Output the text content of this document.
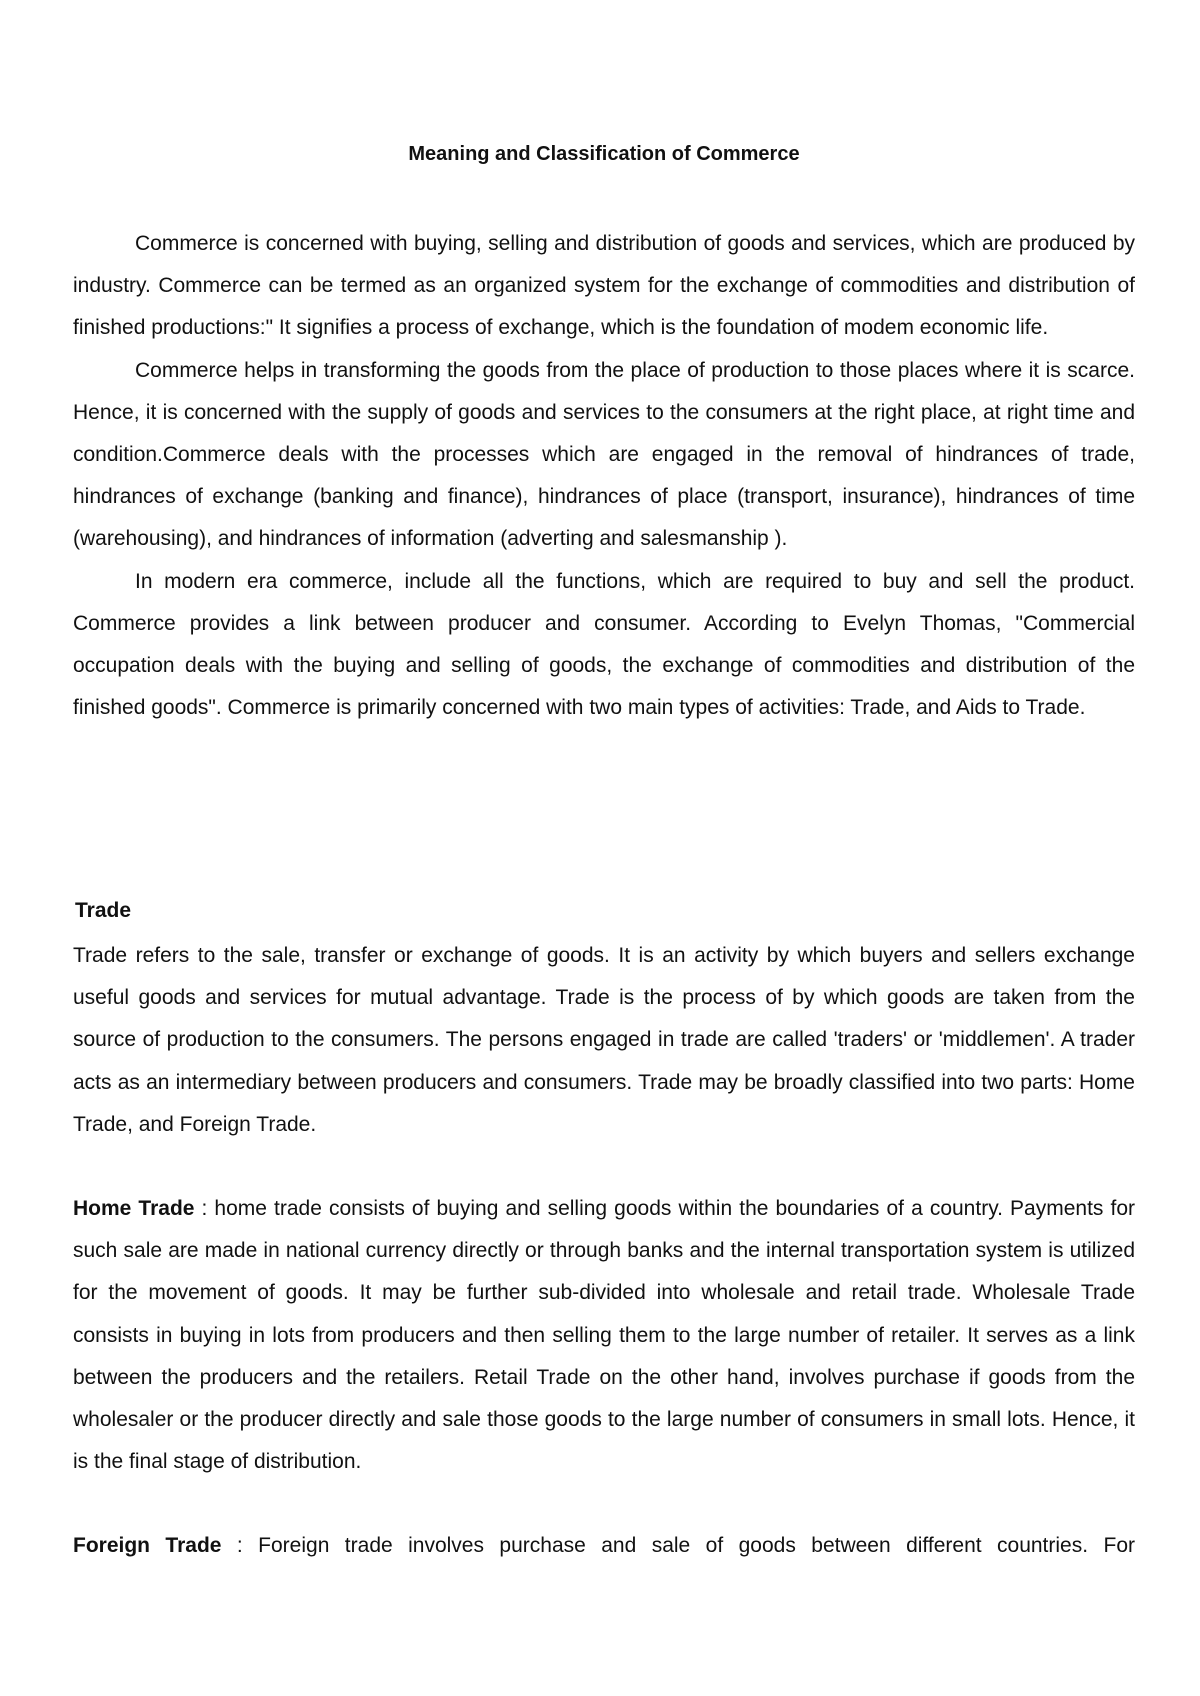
Meaning and Classification of Commerce

Commerce is concerned with buying, selling and distribution of goods and services, which are produced by industry. Commerce can be termed as an organized system for the exchange of commodities and distribution of finished productions:" It signifies a process of exchange, which is the foundation of modem economic life.

Commerce helps in transforming the goods from the place of production to those places where it is scarce. Hence, it is concerned with the supply of goods and services to the consumers at the right place, at right time and condition.Commerce deals with the processes which are engaged in the removal of hindrances of trade, hindrances of exchange (banking and finance), hindrances of place (transport, insurance), hindrances of time (warehousing), and hindrances of information (adverting and salesmanship ).

In modern era commerce, include all the functions, which are required to buy and sell the product. Commerce provides a link between producer and consumer. According to Evelyn Thomas, "Commercial occupation deals with the buying and selling of goods, the exchange of commodities and distribution of the finished goods". Commerce is primarily concerned with two main types of activities: Trade, and Aids to Trade.

Trade

Trade refers to the sale, transfer or exchange of goods. It is an activity by which buyers and sellers exchange useful goods and services for mutual advantage. Trade is the process of by which goods are taken from the source of production to the consumers. The persons engaged in trade are called 'traders' or 'middlemen'. A trader acts as an intermediary between producers and consumers. Trade may be broadly classified into two parts: Home Trade, and Foreign Trade.

Home Trade : home trade consists of buying and selling goods within the boundaries of a country. Payments for such sale are made in national currency directly or through banks and the internal transportation system is utilized for the movement of goods. It may be further sub-divided into wholesale and retail trade. Wholesale Trade consists in buying in lots from producers and then selling them to the large number of retailer. It serves as a link between the producers and the retailers. Retail Trade on the other hand, involves purchase if goods from the wholesaler or the producer directly and sale those goods to the large number of consumers in small lots. Hence, it is the final stage of distribution.

Foreign Trade : Foreign trade involves purchase and sale of goods between different countries. For
